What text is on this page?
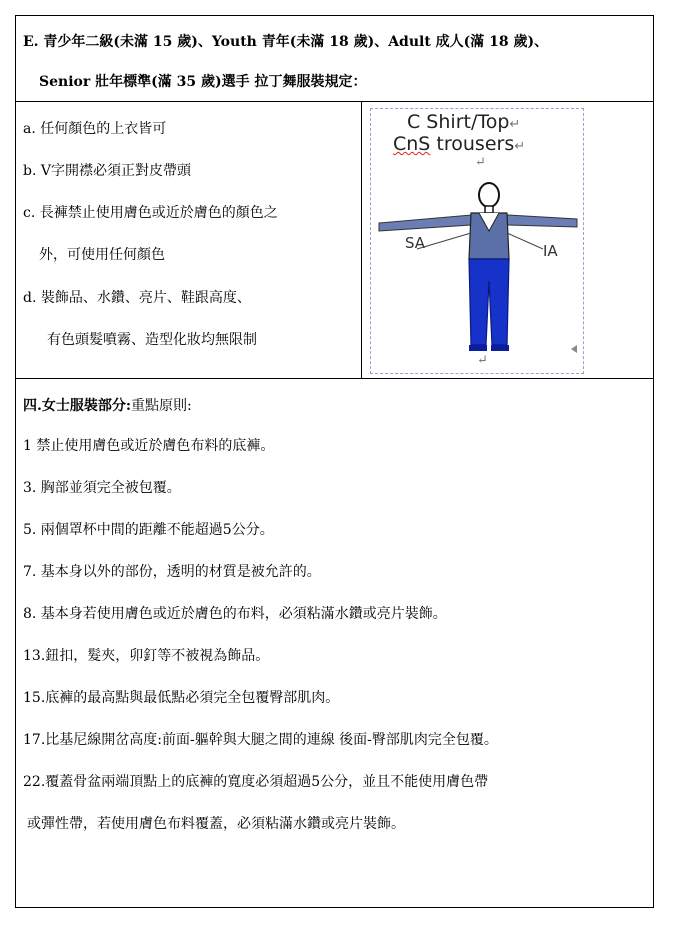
E. 青少年二級(未滿 15 歲)、Youth 青年(未滿 18 歲)、Adult 成人(滿 18 歲)、
Senior 壯年標準(滿 35 歲)選手 拉丁舞服裝規定：
a. 任何顏色的上衣皆可
b. V字開襟必須正對皮帶頭
c. 長褲禁止使用膚色或近於膚色的顏色之
外，可使用任何顏色
d. 裝飾品、水鑽、亮片、鞋跟高度、
有色頭髮噴霧、造型化妝均無限制
C Shirt/Top↵
CnS trousers↵
↵
SA	IA
↵
四.女士服裝部分:重點原則:
1 禁止使用膚色或近於膚色布料的底褲。
3. 胸部並須完全被包覆。
5. 兩個罩杯中間的距離不能超過5公分。
7. 基本身以外的部份，透明的材質是被允許的。
8. 基本身若使用膚色或近於膚色的布料，必須粘滿水鑽或亮片裝飾。
13.鈕扣，髮夾，卯釘等不被視為飾品。
15.底褲的最高點與最低點必須完全包覆臀部肌肉。
17.比基尼線開岔高度:前面-軀幹與大腿之間的連線 後面-臀部肌肉完全包覆。
22.覆蓋骨盆兩端頂點上的底褲的寬度必須超過5公分，並且不能使用膚色帶
或彈性帶，若使用膚色布料覆蓋，必須粘滿水鑽或亮片裝飾。
